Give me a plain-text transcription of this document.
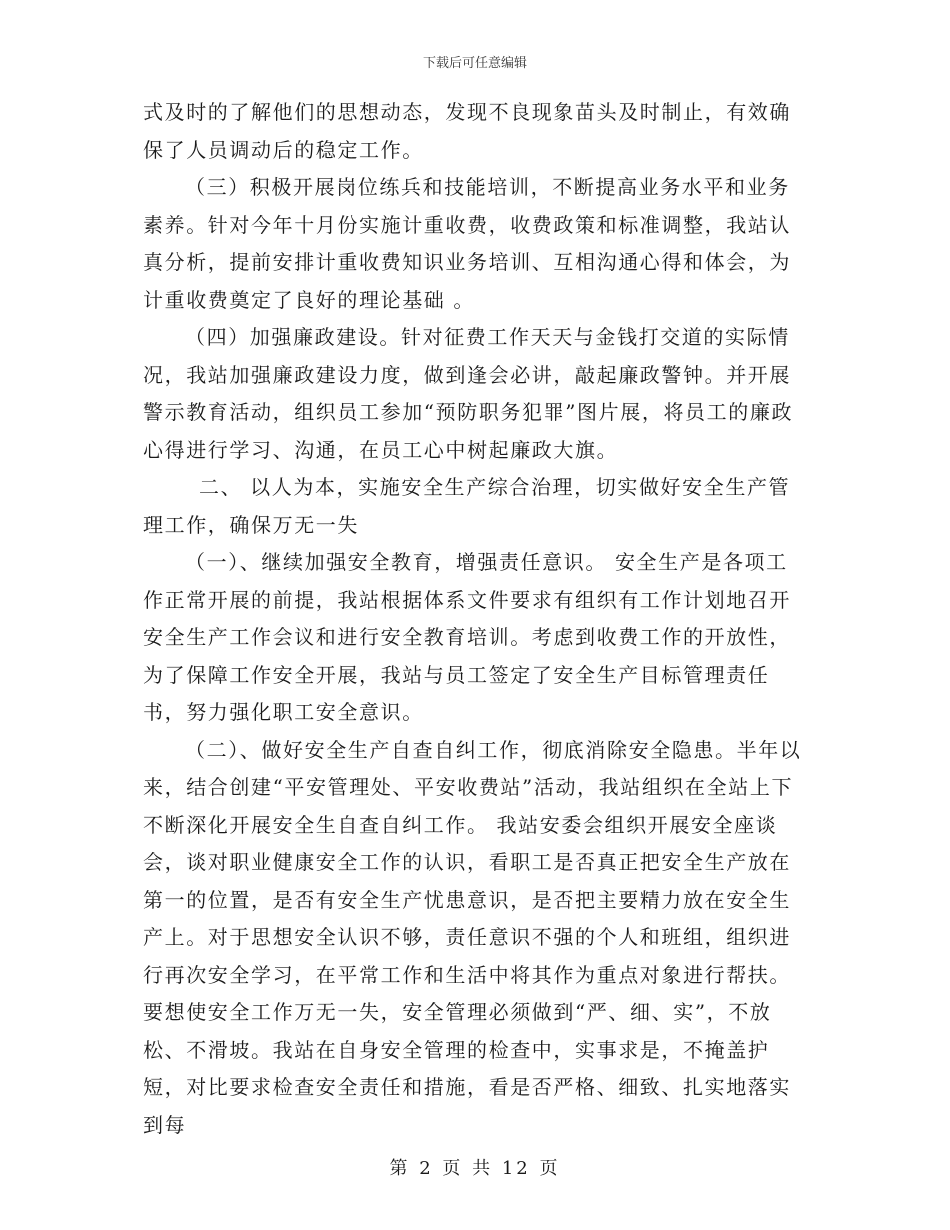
下载后可任意编辑

式及时的了解他们的思想动态，发现不良现象苗头及时制止，有效确保了人员调动后的稳定工作。

（三）积极开展岗位练兵和技能培训，不断提高业务水平和业务素养。针对今年十月份实施计重收费，收费政策和标准调整，我站认真分析，提前安排计重收费知识业务培训、互相沟通心得和体会，为计重收费奠定了良好的理论基础 。

（四）加强廉政建设。针对征费工作天天与金钱打交道的实际情况，我站加强廉政建设力度，做到逢会必讲，敲起廉政警钟。并开展警示教育活动，组织员工参加“预防职务犯罪”图片展，将员工的廉政心得进行学习、沟通，在员工心中树起廉政大旗。

二、 以人为本，实施安全生产综合治理，切实做好安全生产管理工作，确保万无一失

（一）、继续加强安全教育，增强责任意识。 安全生产是各项工作正常开展的前提，我站根据体系文件要求有组织有工作计划地召开安全生产工作会议和进行安全教育培训。考虑到收费工作的开放性，为了保障工作安全开展，我站与员工签定了安全生产目标管理责任书，努力强化职工安全意识。

（二）、做好安全生产自查自纠工作，彻底消除安全隐患。半年以来，结合创建“平安管理处、平安收费站”活动，我站组织在全站上下不断深化开展安全生自查自纠工作。 我站安委会组织开展安全座谈会，谈对职业健康安全工作的认识，看职工是否真正把安全生产放在第一的位置，是否有安全生产忧患意识，是否把主要精力放在安全生产上。对于思想安全认识不够，责任意识不强的个人和班组，组织进行再次安全学习，在平常工作和生活中将其作为重点对象进行帮扶。要想使安全工作万无一失，安全管理必须做到“严、细、实”，不放松、不滑坡。我站在自身安全管理的检查中，实事求是，不掩盖护短，对比要求检查安全责任和措施，看是否严格、细致、扎实地落实到每

第 2 页 共 12 页
